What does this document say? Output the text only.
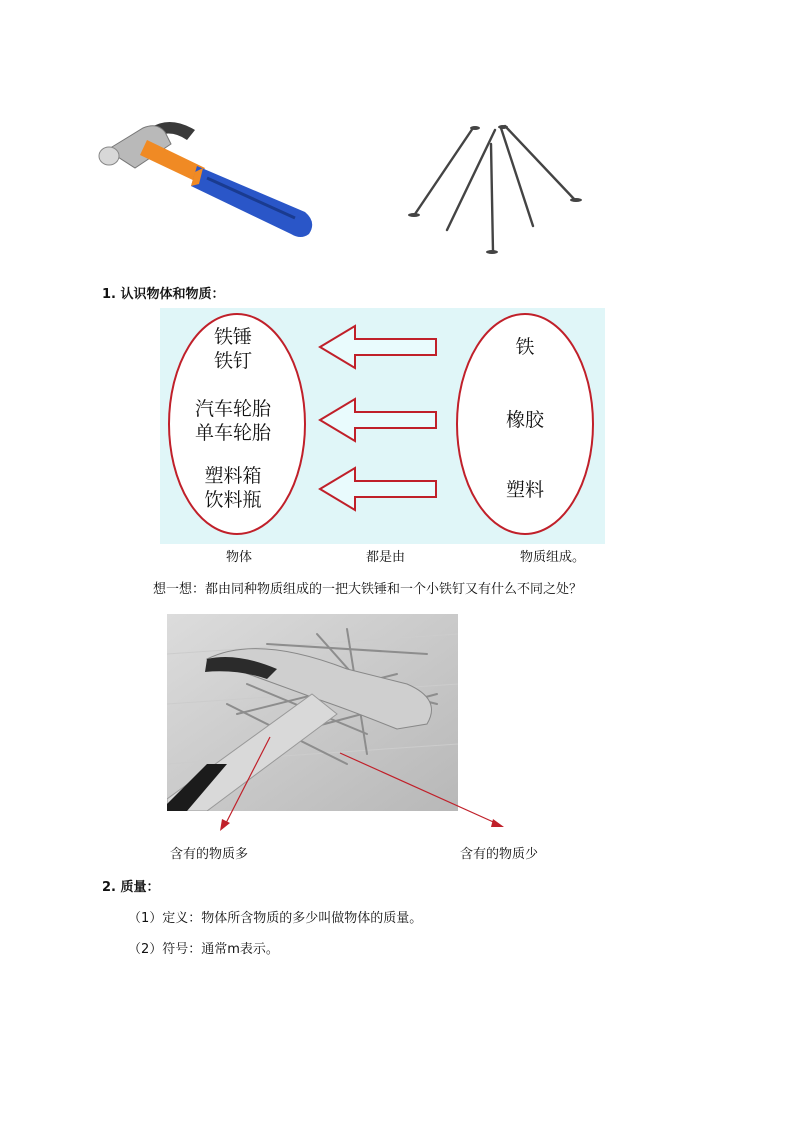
1. 认识物体和物质：
铁锤
铁钉
汽车轮胎
单车轮胎
塑料箱
饮料瓶
铁
橡胶
塑料
物体	都是由	物质组成。
想一想：都由同种物质组成的一把大铁锤和一个小铁钉又有什么不同之处？
含有的物质多	含有的物质少
2. 质量：
（1）定义：物体所含物质的多少叫做物体的质量。
（2）符号：通常m表示。
